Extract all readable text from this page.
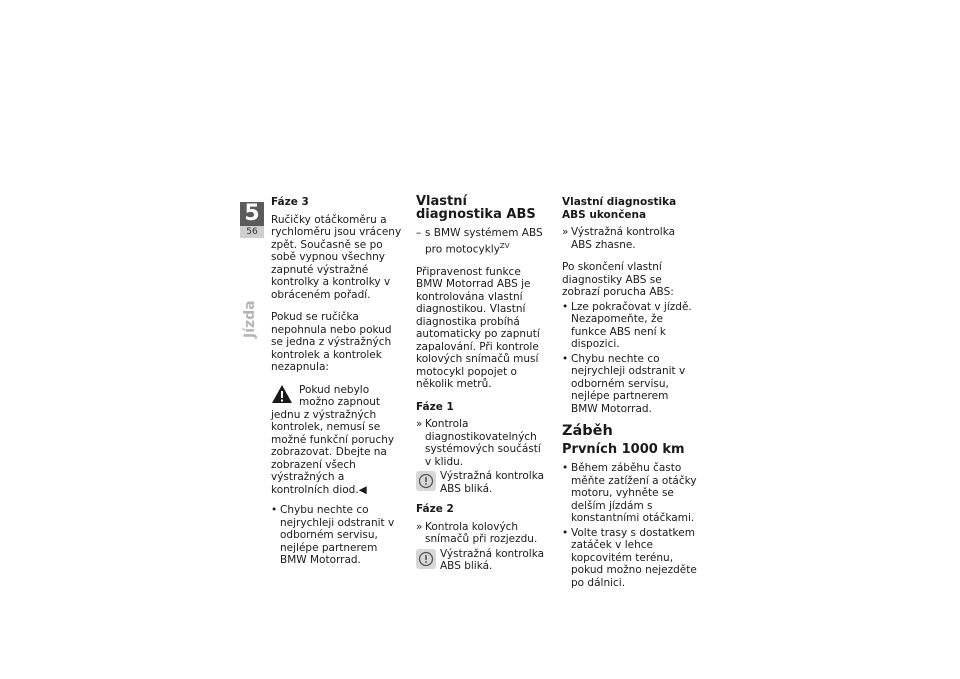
5
56
Jízda
Fáze 3

Ručičky otáčkoměru a rychloměru jsou vráceny zpět. Současně se po sobě vypnou všechny zapnuté výstražné kontrolky a kontrolky v obráceném pořadí.

Pokud se ručička nepohnula nebo pokud se jedna z výstražných kontrolek a kontrolek nezapnula:

Pokud nebylo možno zapnout jednu z výstražných kontrolek, nemusí se možné funkční poruchy zobrazovat. Dbejte na zobrazení všech výstražných a kontrolních diod.◀
• Chybu nechte co nejrychleji odstranit v odborném servisu, nejlépe partnerem BMW Motorrad.
Vlastní diagnostika ABS
– s BMW systémem ABS pro motocykly$^{ZV}$

Připravenost funkce BMW Motorrad ABS je kontrolována vlastní diagnostikou. Vlastní diagnostika probíhá automaticky po zapnutí zapalování. Při kontrole kolových snímačů musí motocykl popojet o několik metrů.

Fáze 1
» Kontrola diagnostikovatelných systémových součástí v klidu.
Výstražná kontrolka ABS bliká.
Fáze 2
» Kontrola kolových snímačů při rozjezdu.
Výstražná kontrolka ABS bliká.
Vlastní diagnostika ABS ukončena
» Výstražná kontrolka ABS zhasne.

Po skončení vlastní diagnostiky ABS se zobrazí porucha ABS:

• Lze pokračovat v jízdě. Nezapomeňte, že funkce ABS není k dispozici.
• Chybu nechte co nejrychleji odstranit v odborném servisu, nejlépe partnerem BMW Motorrad.
Záběh
Prvních 1000 km
• Během záběhu často měňte zatížení a otáčky motoru, vyhněte se delším jízdám s konstantními otáčkami.
• Volte trasy s dostatkem zatáček v lehce kopcovitém terénu, pokud možno nejezděte po dálnici.
